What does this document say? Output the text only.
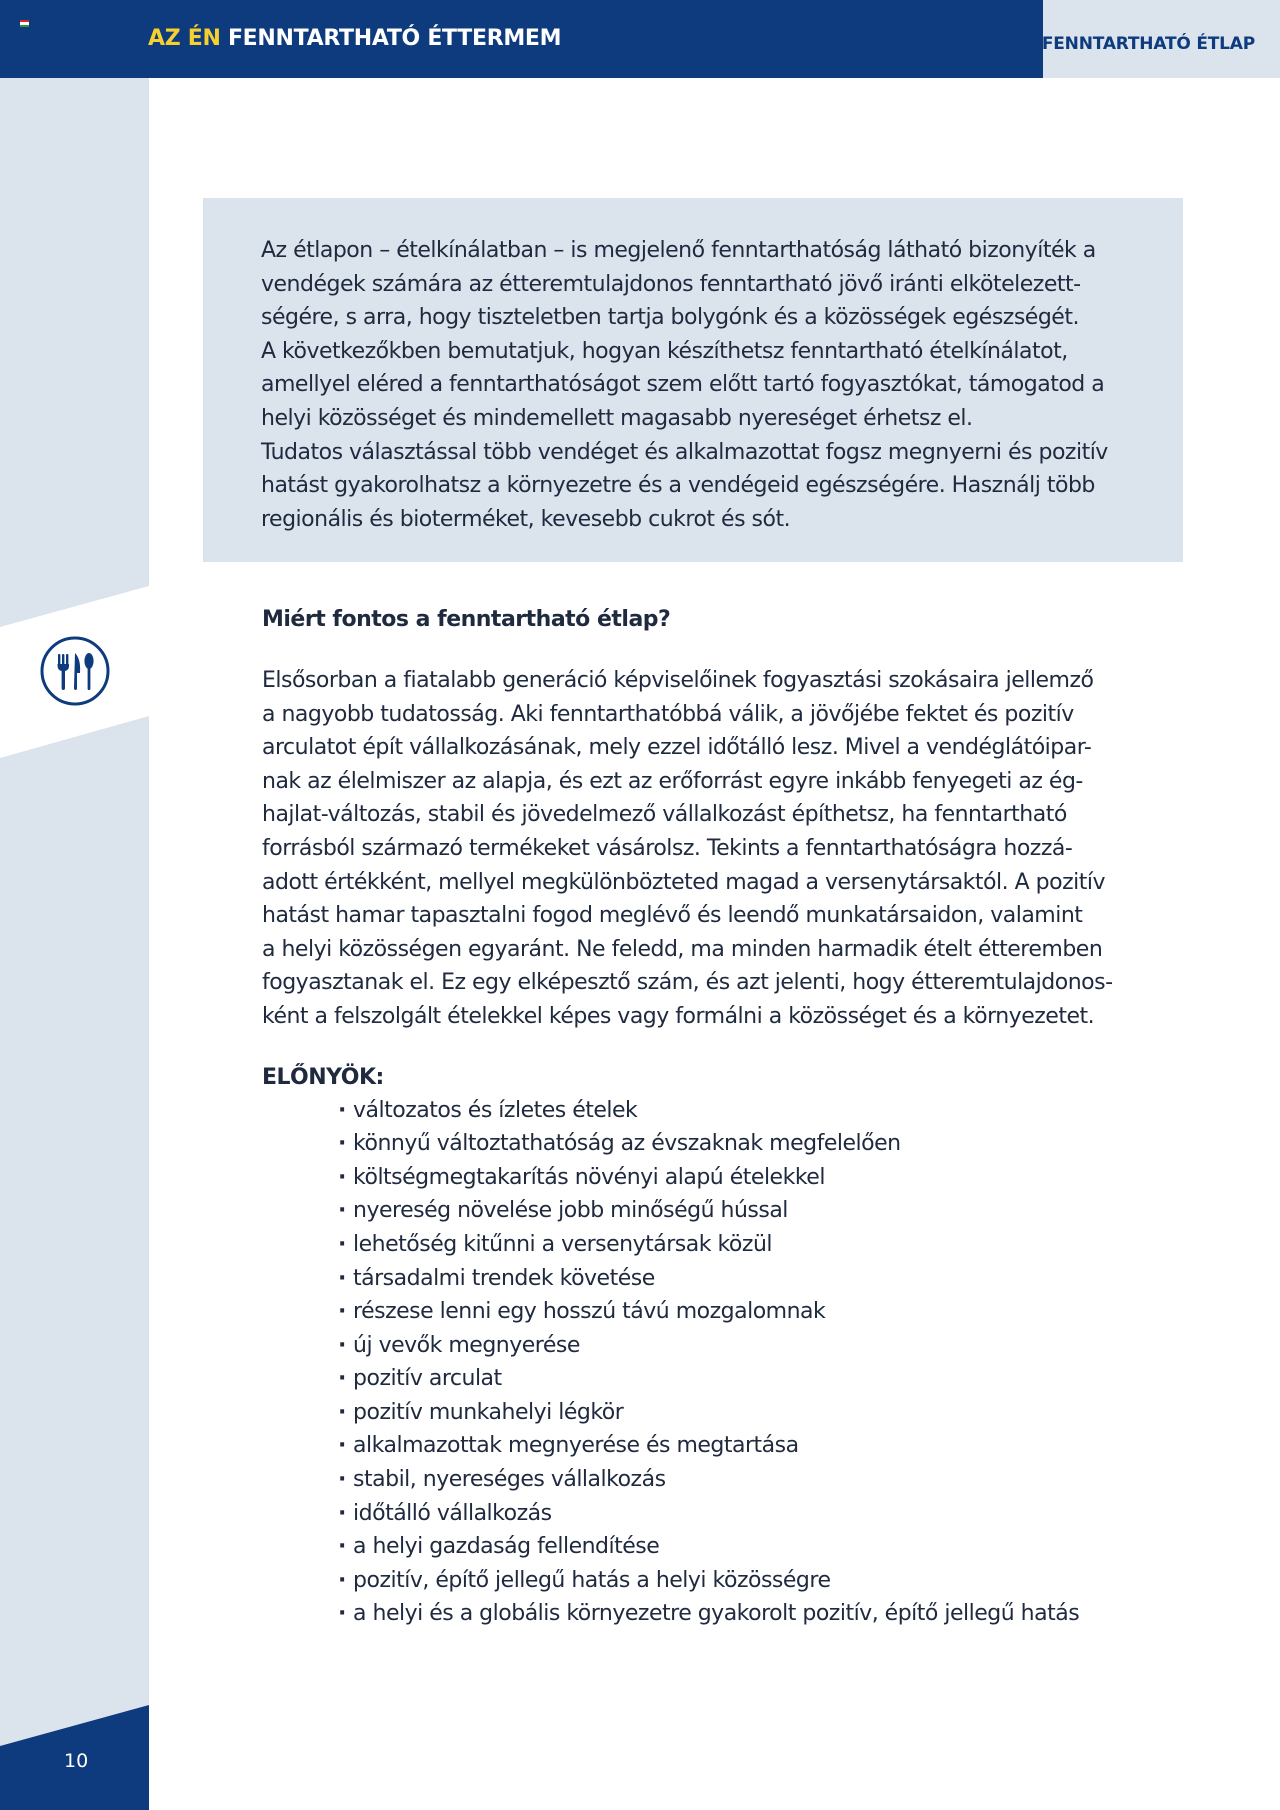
AZ ÉN FENNTARTHATÓ ÉTTERMEM	FENNTARTHATÓ ÉTLAP

10

Az étlapon – ételkínálatban – is megjelenő fenntarthatóság látható bizonyíték a
vendégek számára az étteremtulajdonos fenntartható jövő iránti elkötelezett-
ségére, s arra, hogy tiszteletben tartja bolygónk és a közösségek egészségét.
A következőkben bemutatjuk, hogyan készíthetsz fenntartható ételkínálatot,
amellyel eléred a fenntarthatóságot szem előtt tartó fogyasztókat, támogatod a
helyi közösséget és mindemellett magasabb nyereséget érhetsz el.
Tudatos választással több vendéget és alkalmazottat fogsz megnyerni és pozitív
hatást gyakorolhatsz a környezetre és a vendégeid egészségére. Használj több
regionális és bioterméket, kevesebb cukrot és sót.

Miért fontos a fenntartható étlap?

Elsősorban a fiatalabb generáció képviselőinek fogyasztási szokásaira jellemző
a nagyobb tudatosság. Aki fenntarthatóbbá válik, a jövőjébe fektet és pozitív
arculatot épít vállalkozásának, mely ezzel időtálló lesz. Mivel a vendéglátóipar-
nak az élelmiszer az alapja, és ezt az erőforrást egyre inkább fenyegeti az ég-
hajlat-változás, stabil és jövedelmező vállalkozást építhetsz, ha fenntartható
forrásból származó termékeket vásárolsz. Tekints a fenntarthatóságra hozzá-
adott értékként, mellyel megkülönbözteted magad a versenytársaktól. A pozitív
hatást hamar tapasztalni fogod meglévő és leendő munkatársaidon, valamint
a helyi közösségen egyaránt. Ne feledd, ma minden harmadik ételt étteremben
fogyasztanak el. Ez egy elképesztő szám, és azt jelenti, hogy étteremtulajdonos-
ként a felszolgált ételekkel képes vagy formálni a közösséget és a környezetet.

ELŐNYÖK:
· változatos és ízletes ételek
· könnyű változtathatóság az évszaknak megfelelően
· költségmegtakarítás növényi alapú ételekkel
· nyereség növelése jobb minőségű hússal
· lehetőség kitűnni a versenytársak közül
· társadalmi trendek követése
· részese lenni egy hosszú távú mozgalomnak
· új vevők megnyerése
· pozitív arculat
· pozitív munkahelyi légkör
· alkalmazottak megnyerése és megtartása
· stabil, nyereséges vállalkozás
· időtálló vállalkozás
· a helyi gazdaság fellendítése
· pozitív, építő jellegű hatás a helyi közösségre
· a helyi és a globális környezetre gyakorolt pozitív, építő jellegű hatás
